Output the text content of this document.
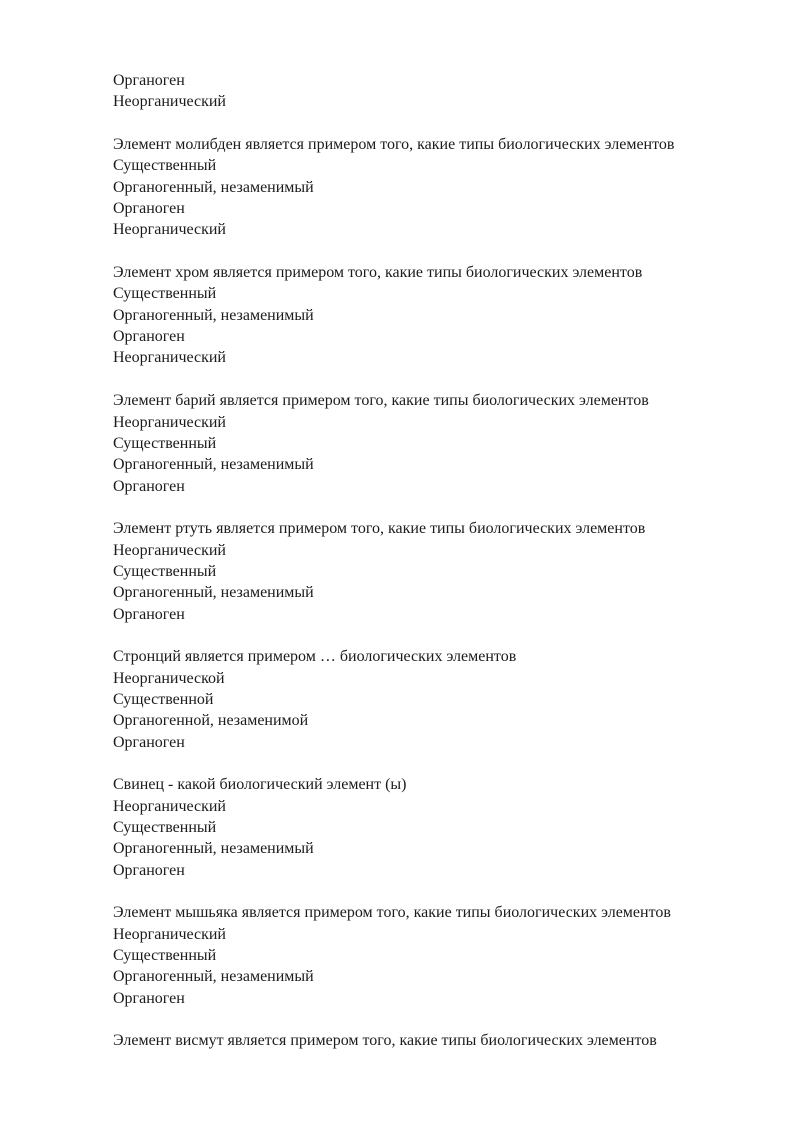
Органоген
Неорганический
Элемент молибден является примером того, какие типы биологических элементов
Существенный
Органогенный, незаменимый
Органоген
Неорганический
Элемент хром является примером того, какие типы биологических элементов
Существенный
Органогенный, незаменимый
Органоген
Неорганический
Элемент барий является примером того, какие типы биологических элементов
Неорганический
Существенный
Органогенный, незаменимый
Органоген
Элемент ртуть является примером того, какие типы биологических элементов
Неорганический
Существенный
Органогенный, незаменимый
Органоген
Стронций является примером … биологических элементов
Неорганической
Существенной
Органогенной, незаменимой
Органоген
Свинец - какой биологический элемент (ы)
Неорганический
Существенный
Органогенный, незаменимый
Органоген
Элемент мышьяка является примером того, какие типы биологических элементов
Неорганический
Существенный
Органогенный, незаменимый
Органоген
Элемент висмут является примером того, какие типы биологических элементов
